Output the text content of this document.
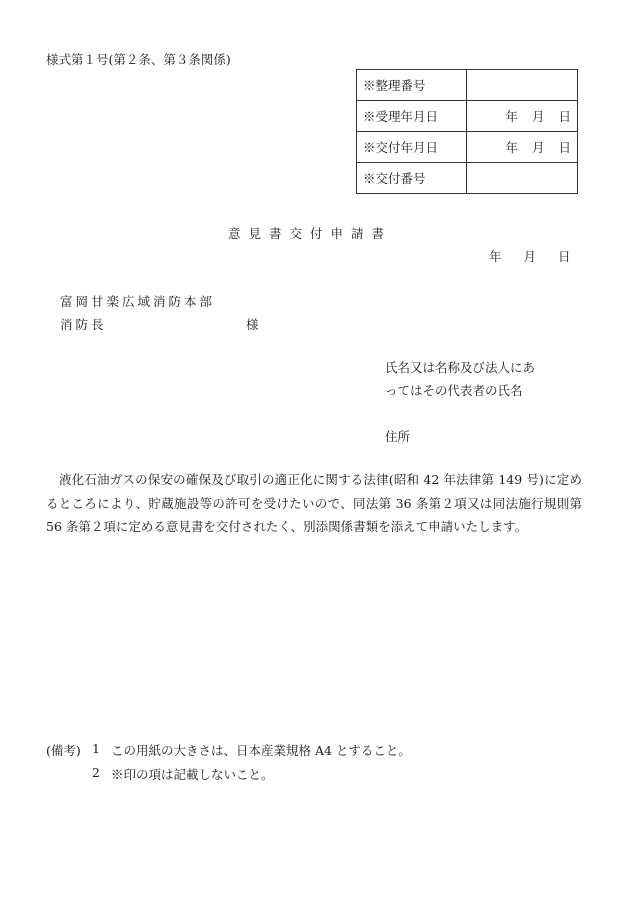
様式第１号(第２条、第３条関係)
※整理番号	
※受理年月日	年 月 日
※交付年月日	年 月 日
※交付番号	
意見書交付申請書
年 月 日
富岡甘楽広域消防本部
消防長	様
氏名又は名称及び法人にあ
ってはその代表者の氏名
住所
液化石油ガスの保安の確保及び取引の適正化に関する法律(昭和 42 年法律第 149 号)に定めるところにより、貯蔵施設等の許可を受けたいので、同法第 36 条第２項又は同法施行規則第 56 条第２項に定める意見書を交付されたく、別添関係書類を添えて申請いたします。
(備考) 1 この用紙の大きさは、日本産業規格 A4 とすること。
2 ※印の項は記載しないこと。
